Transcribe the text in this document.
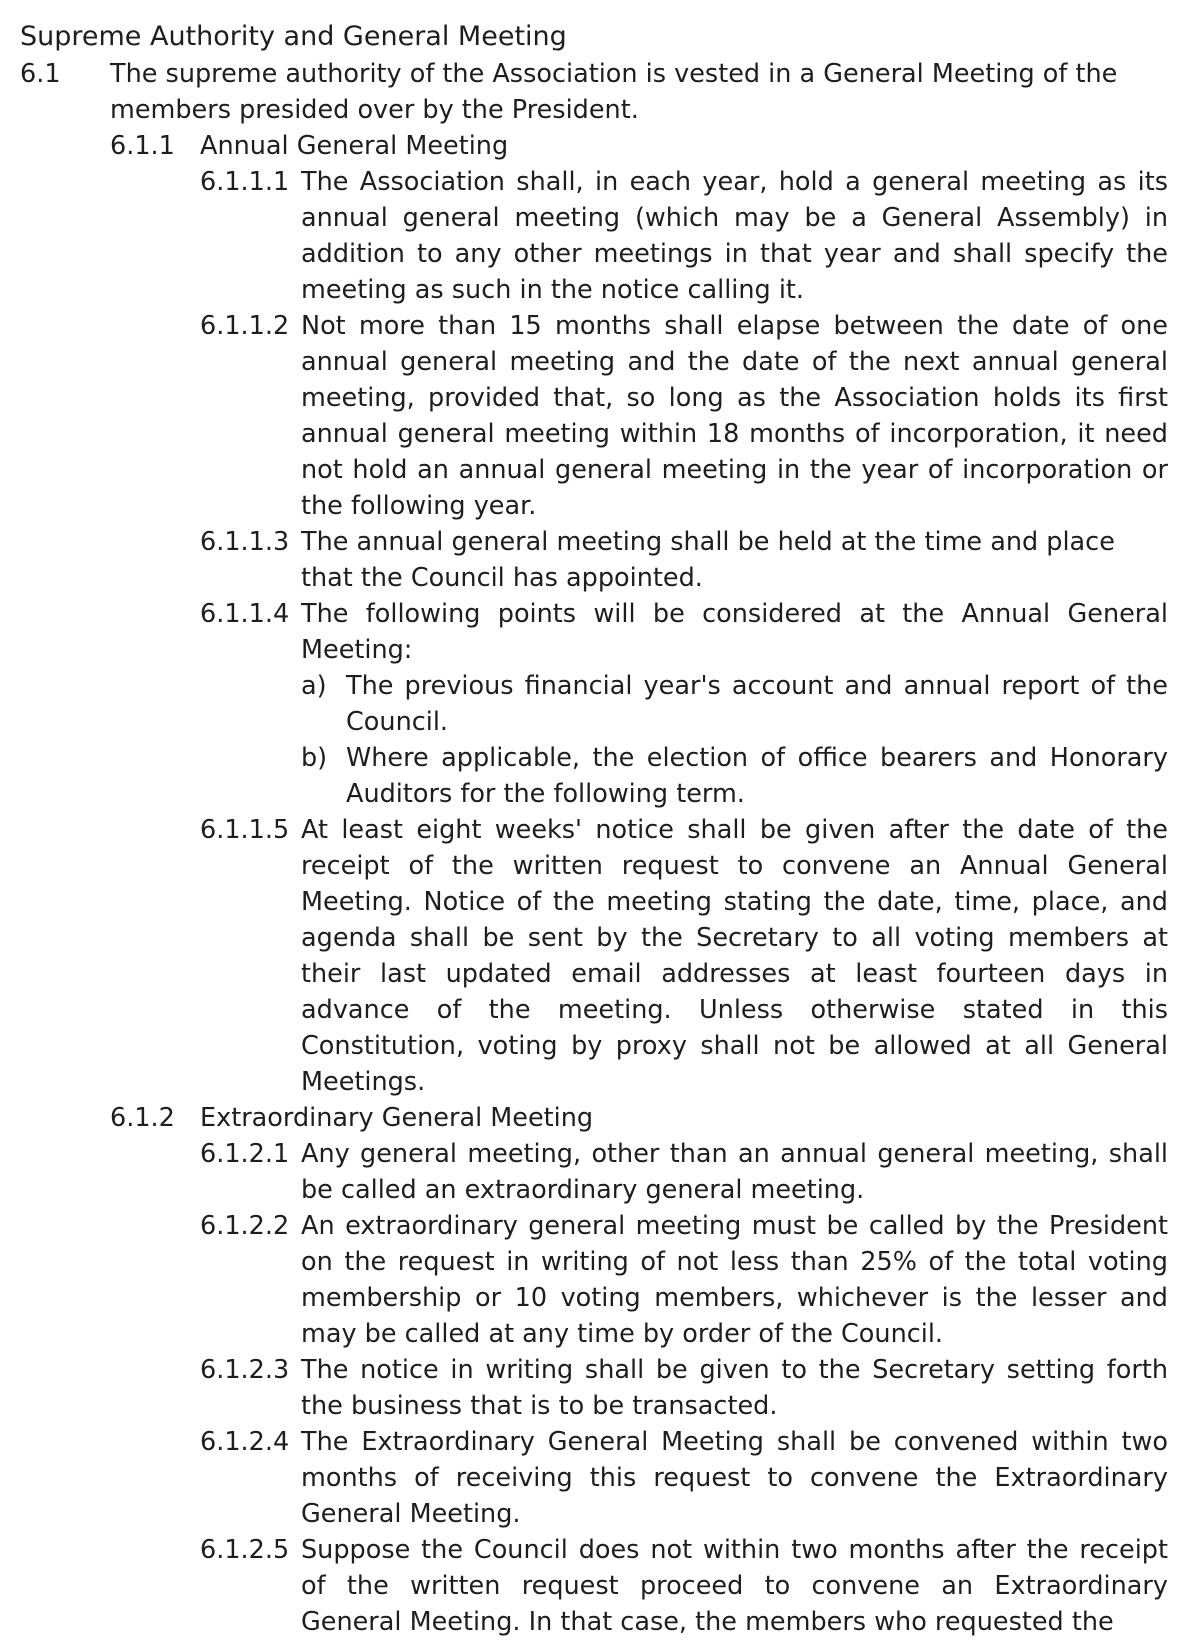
Supreme Authority and General Meeting
6.1	The supreme authority of the Association is vested in a General Meeting of the members presided over by the President.
6.1.1 Annual General Meeting
6.1.1.1 The Association shall, in each year, hold a general meeting as its annual general meeting (which may be a General Assembly) in addition to any other meetings in that year and shall specify the meeting as such in the notice calling it.
6.1.1.2 Not more than 15 months shall elapse between the date of one annual general meeting and the date of the next annual general meeting, provided that, so long as the Association holds its first annual general meeting within 18 months of incorporation, it need not hold an annual general meeting in the year of incorporation or the following year.
6.1.1.3 The annual general meeting shall be held at the time and place that the Council has appointed.
6.1.1.4 The following points will be considered at the Annual General Meeting:
a) The previous financial year's account and annual report of the Council.
b) Where applicable, the election of office bearers and Honorary Auditors for the following term.
6.1.1.5 At least eight weeks' notice shall be given after the date of the receipt of the written request to convene an Annual General Meeting. Notice of the meeting stating the date, time, place, and agenda shall be sent by the Secretary to all voting members at their last updated email addresses at least fourteen days in advance of the meeting. Unless otherwise stated in this Constitution, voting by proxy shall not be allowed at all General Meetings.
6.1.2 Extraordinary General Meeting
6.1.2.1 Any general meeting, other than an annual general meeting, shall be called an extraordinary general meeting.
6.1.2.2 An extraordinary general meeting must be called by the President on the request in writing of not less than 25% of the total voting membership or 10 voting members, whichever is the lesser and may be called at any time by order of the Council.
6.1.2.3 The notice in writing shall be given to the Secretary setting forth the business that is to be transacted.
6.1.2.4 The Extraordinary General Meeting shall be convened within two months of receiving this request to convene the Extraordinary General Meeting.
6.1.2.5 Suppose the Council does not within two months after the receipt of the written request proceed to convene an Extraordinary General Meeting. In that case, the members who requested the
